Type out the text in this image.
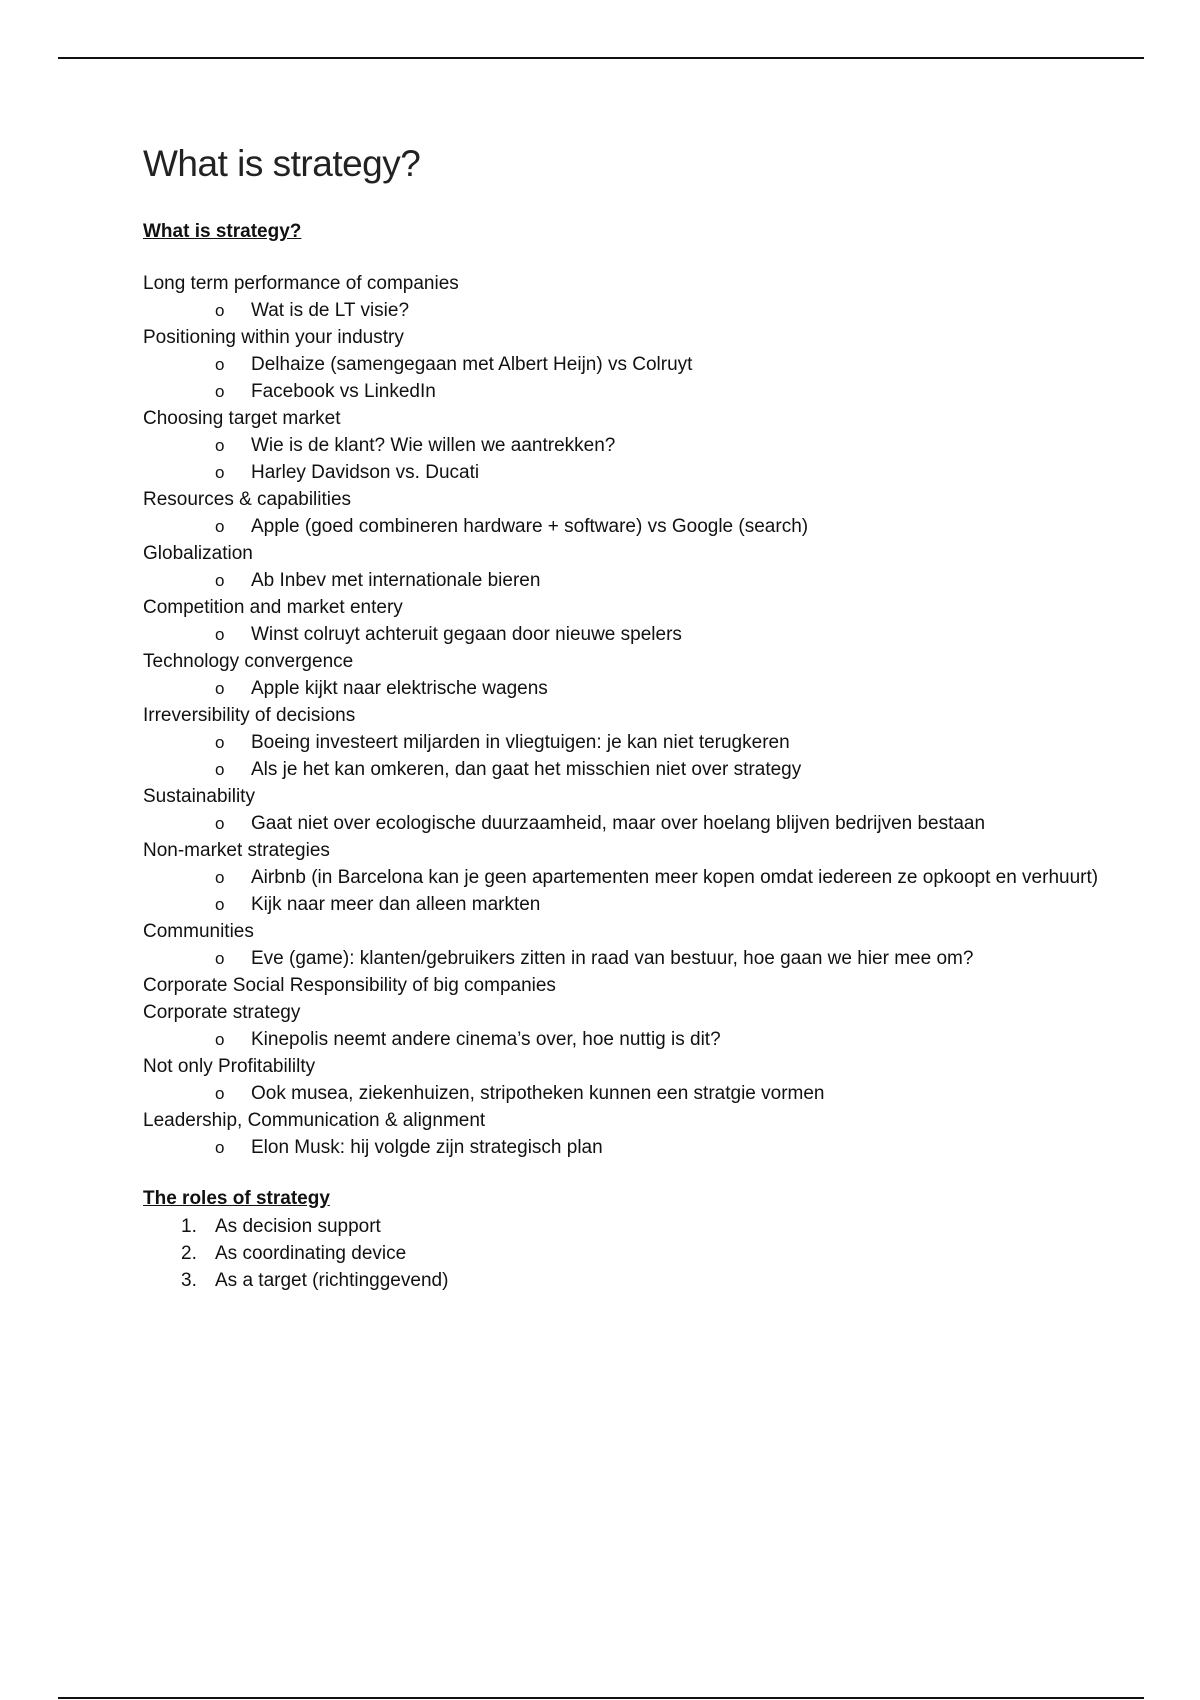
What is strategy?
What is strategy?
Long term performance of companies
o	Wat is de LT visie?
Positioning within your industry
o	Delhaize (samengegaan met Albert Heijn) vs Colruyt
o	Facebook vs LinkedIn
Choosing target market
o	Wie is de klant? Wie willen we aantrekken?
o	Harley Davidson vs. Ducati
Resources & capabilities
o	Apple (goed combineren hardware + software) vs Google (search)
Globalization
o	Ab Inbev met internationale bieren
Competition and market entery
o	Winst colruyt achteruit gegaan door nieuwe spelers
Technology convergence
o	Apple kijkt naar elektrische wagens
Irreversibility of decisions
o	Boeing investeert miljarden in vliegtuigen: je kan niet terugkeren
o	Als je het kan omkeren, dan gaat het misschien niet over strategy
Sustainability
o	Gaat niet over ecologische duurzaamheid, maar over hoelang blijven bedrijven bestaan
Non-market strategies
o	Airbnb (in Barcelona kan je geen apartementen meer kopen omdat iedereen ze opkoopt en verhuurt)
o	Kijk naar meer dan alleen markten
Communities
o	Eve (game): klanten/gebruikers zitten in raad van bestuur, hoe gaan we hier mee om?
Corporate Social Responsibility of big companies
Corporate strategy
o	Kinepolis neemt andere cinema’s over, hoe nuttig is dit?
Not only Profitabililty
o	Ook musea, ziekenhuizen, stripotheken kunnen een stratgie vormen
Leadership, Communication & alignment
o	Elon Musk: hij volgde zijn strategisch plan
The roles of strategy
1. As decision support
2. As coordinating device
3. As a target (richtinggevend)
